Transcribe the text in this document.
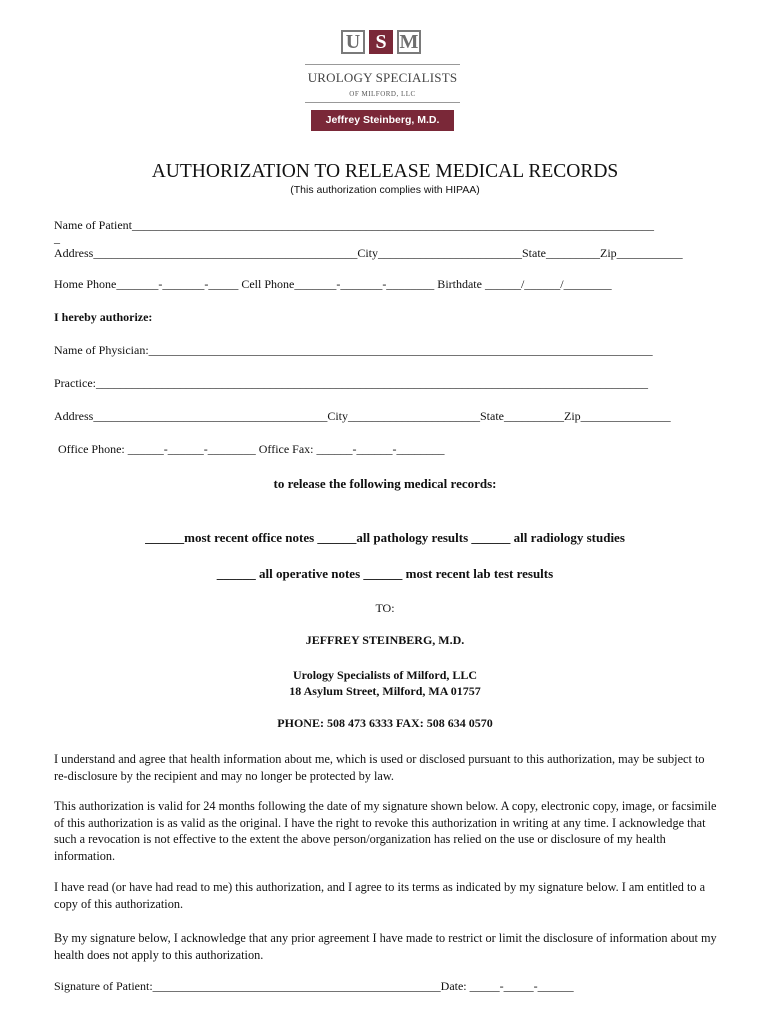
U S M
UROLOGY SPECIALISTS
OF MILFORD, LLC
Jeffrey Steinberg, M.D.
AUTHORIZATION TO RELEASE MEDICAL RECORDS
(This authorization complies with HIPAA)
Name of Patient_______________________________________________________________________________________
_
Address____________________________________________City________________________State_________Zip___________
Home Phone_______-_______-_____ Cell Phone_______-_______-________ Birthdate ______/______/________
I hereby authorize:
Name of Physician:____________________________________________________________________________________
Practice:____________________________________________________________________________________________
Address_______________________________________City______________________State__________Zip_______________
Office Phone: ______-______-________ Office Fax: ______-______-________
to release the following medical records:
______most recent office notes ______all pathology results ______ all radiology studies
______ all operative notes ______ most recent lab test results
TO:
JEFFREY STEINBERG, M.D.
Urology Specialists of Milford, LLC
18 Asylum Street, Milford, MA 01757
PHONE: 508 473 6333 FAX: 508 634 0570
I understand and agree that health information about me, which is used or disclosed pursuant to this authorization, may be subject to re-disclosure by the recipient and may no longer be protected by law.
This authorization is valid for 24 months following the date of my signature shown below. A copy, electronic copy, image, or facsimile of this authorization is as valid as the original. I have the right to revoke this authorization in writing at any time. I acknowledge that such a revocation is not effective to the extent the above person/organization has relied on the use or disclosure of my health information.
I have read (or have had read to me) this authorization, and I agree to its terms as indicated by my signature below. I am entitled to a copy of this authorization.
By my signature below, I acknowledge that any prior agreement I have made to restrict or limit the disclosure of information about my health does not apply to this authorization.
Signature of Patient:________________________________________________Date: _____-_____-______
